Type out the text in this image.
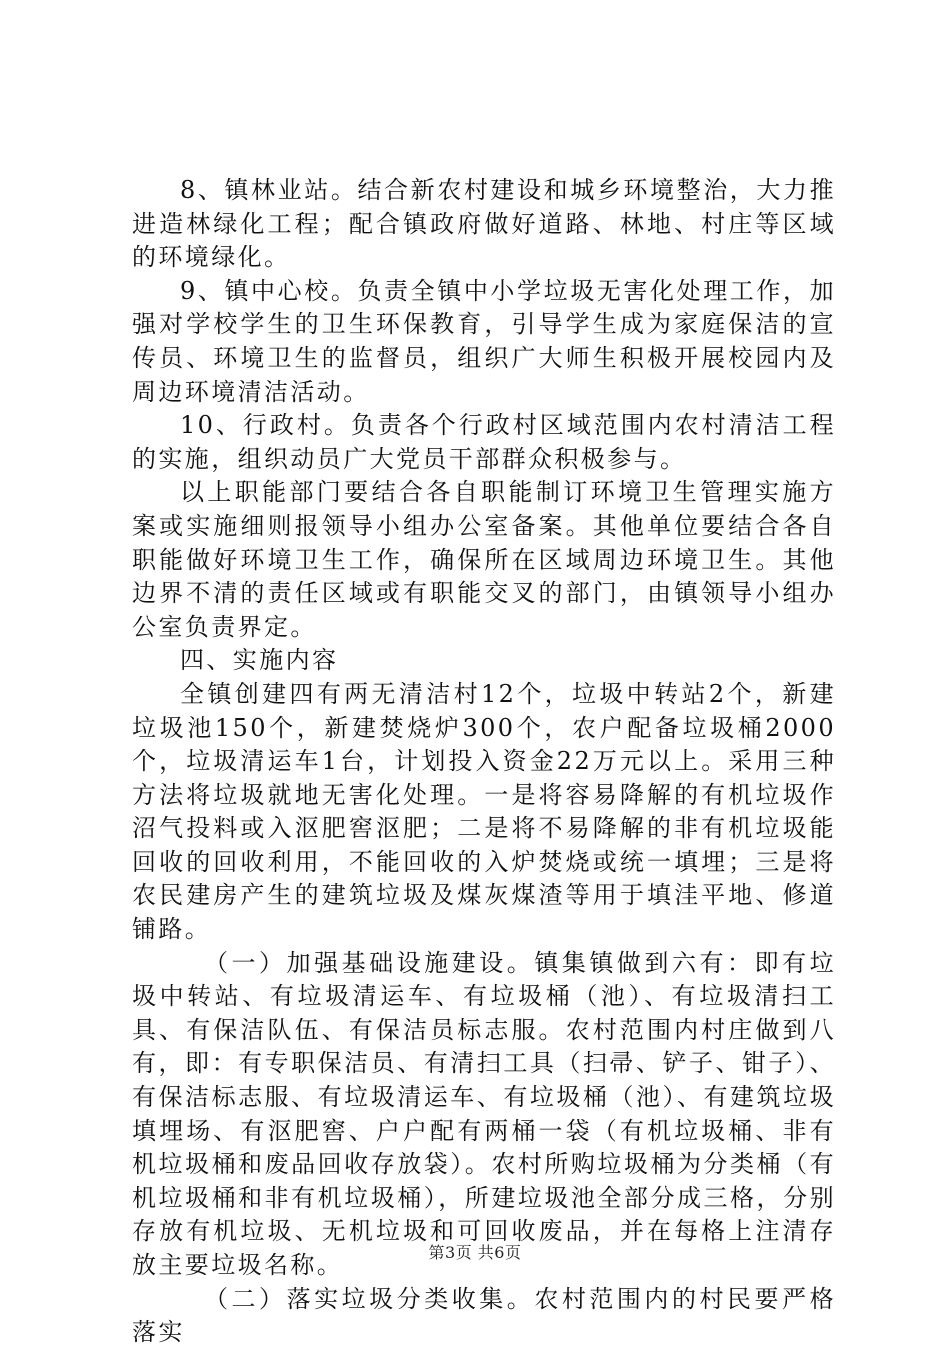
8、镇林业站。结合新农村建设和城乡环境整治，大力推进造林绿化工程；配合镇政府做好道路、林地、村庄等区域的环境绿化。

9、镇中心校。负责全镇中小学垃圾无害化处理工作，加强对学校学生的卫生环保教育，引导学生成为家庭保洁的宣传员、环境卫生的监督员，组织广大师生积极开展校园内及周边环境清洁活动。

10、行政村。负责各个行政村区域范围内农村清洁工程的实施，组织动员广大党员干部群众积极参与。

以上职能部门要结合各自职能制订环境卫生管理实施方案或实施细则报领导小组办公室备案。其他单位要结合各自职能做好环境卫生工作，确保所在区域周边环境卫生。其他边界不清的责任区域或有职能交叉的部门，由镇领导小组办公室负责界定。

四、实施内容

全镇创建四有两无清洁村12个，垃圾中转站2个，新建垃圾池150个，新建焚烧炉300个，农户配备垃圾桶2000个，垃圾清运车1台，计划投入资金22万元以上。采用三种方法将垃圾就地无害化处理。一是将容易降解的有机垃圾作沼气投料或入沤肥窖沤肥；二是将不易降解的非有机垃圾能回收的回收利用，不能回收的入炉焚烧或统一填埋；三是将农民建房产生的建筑垃圾及煤灰煤渣等用于填洼平地、修道铺路。

（一）加强基础设施建设。镇集镇做到六有：即有垃圾中转站、有垃圾清运车、有垃圾桶（池）、有垃圾清扫工具、有保洁队伍、有保洁员标志服。农村范围内村庄做到八有，即：有专职保洁员、有清扫工具（扫帚、铲子、钳子）、有保洁标志服、有垃圾清运车、有垃圾桶（池）、有建筑垃圾填埋场、有沤肥窖、户户配有两桶一袋（有机垃圾桶、非有机垃圾桶和废品回收存放袋）。农村所购垃圾桶为分类桶（有机垃圾桶和非有机垃圾桶），所建垃圾池全部分成三格，分别存放有机垃圾、无机垃圾和可回收废品，并在每格上注清存放主要垃圾名称。

（二）落实垃圾分类收集。农村范围内的村民要严格落实

第3页 共6页
